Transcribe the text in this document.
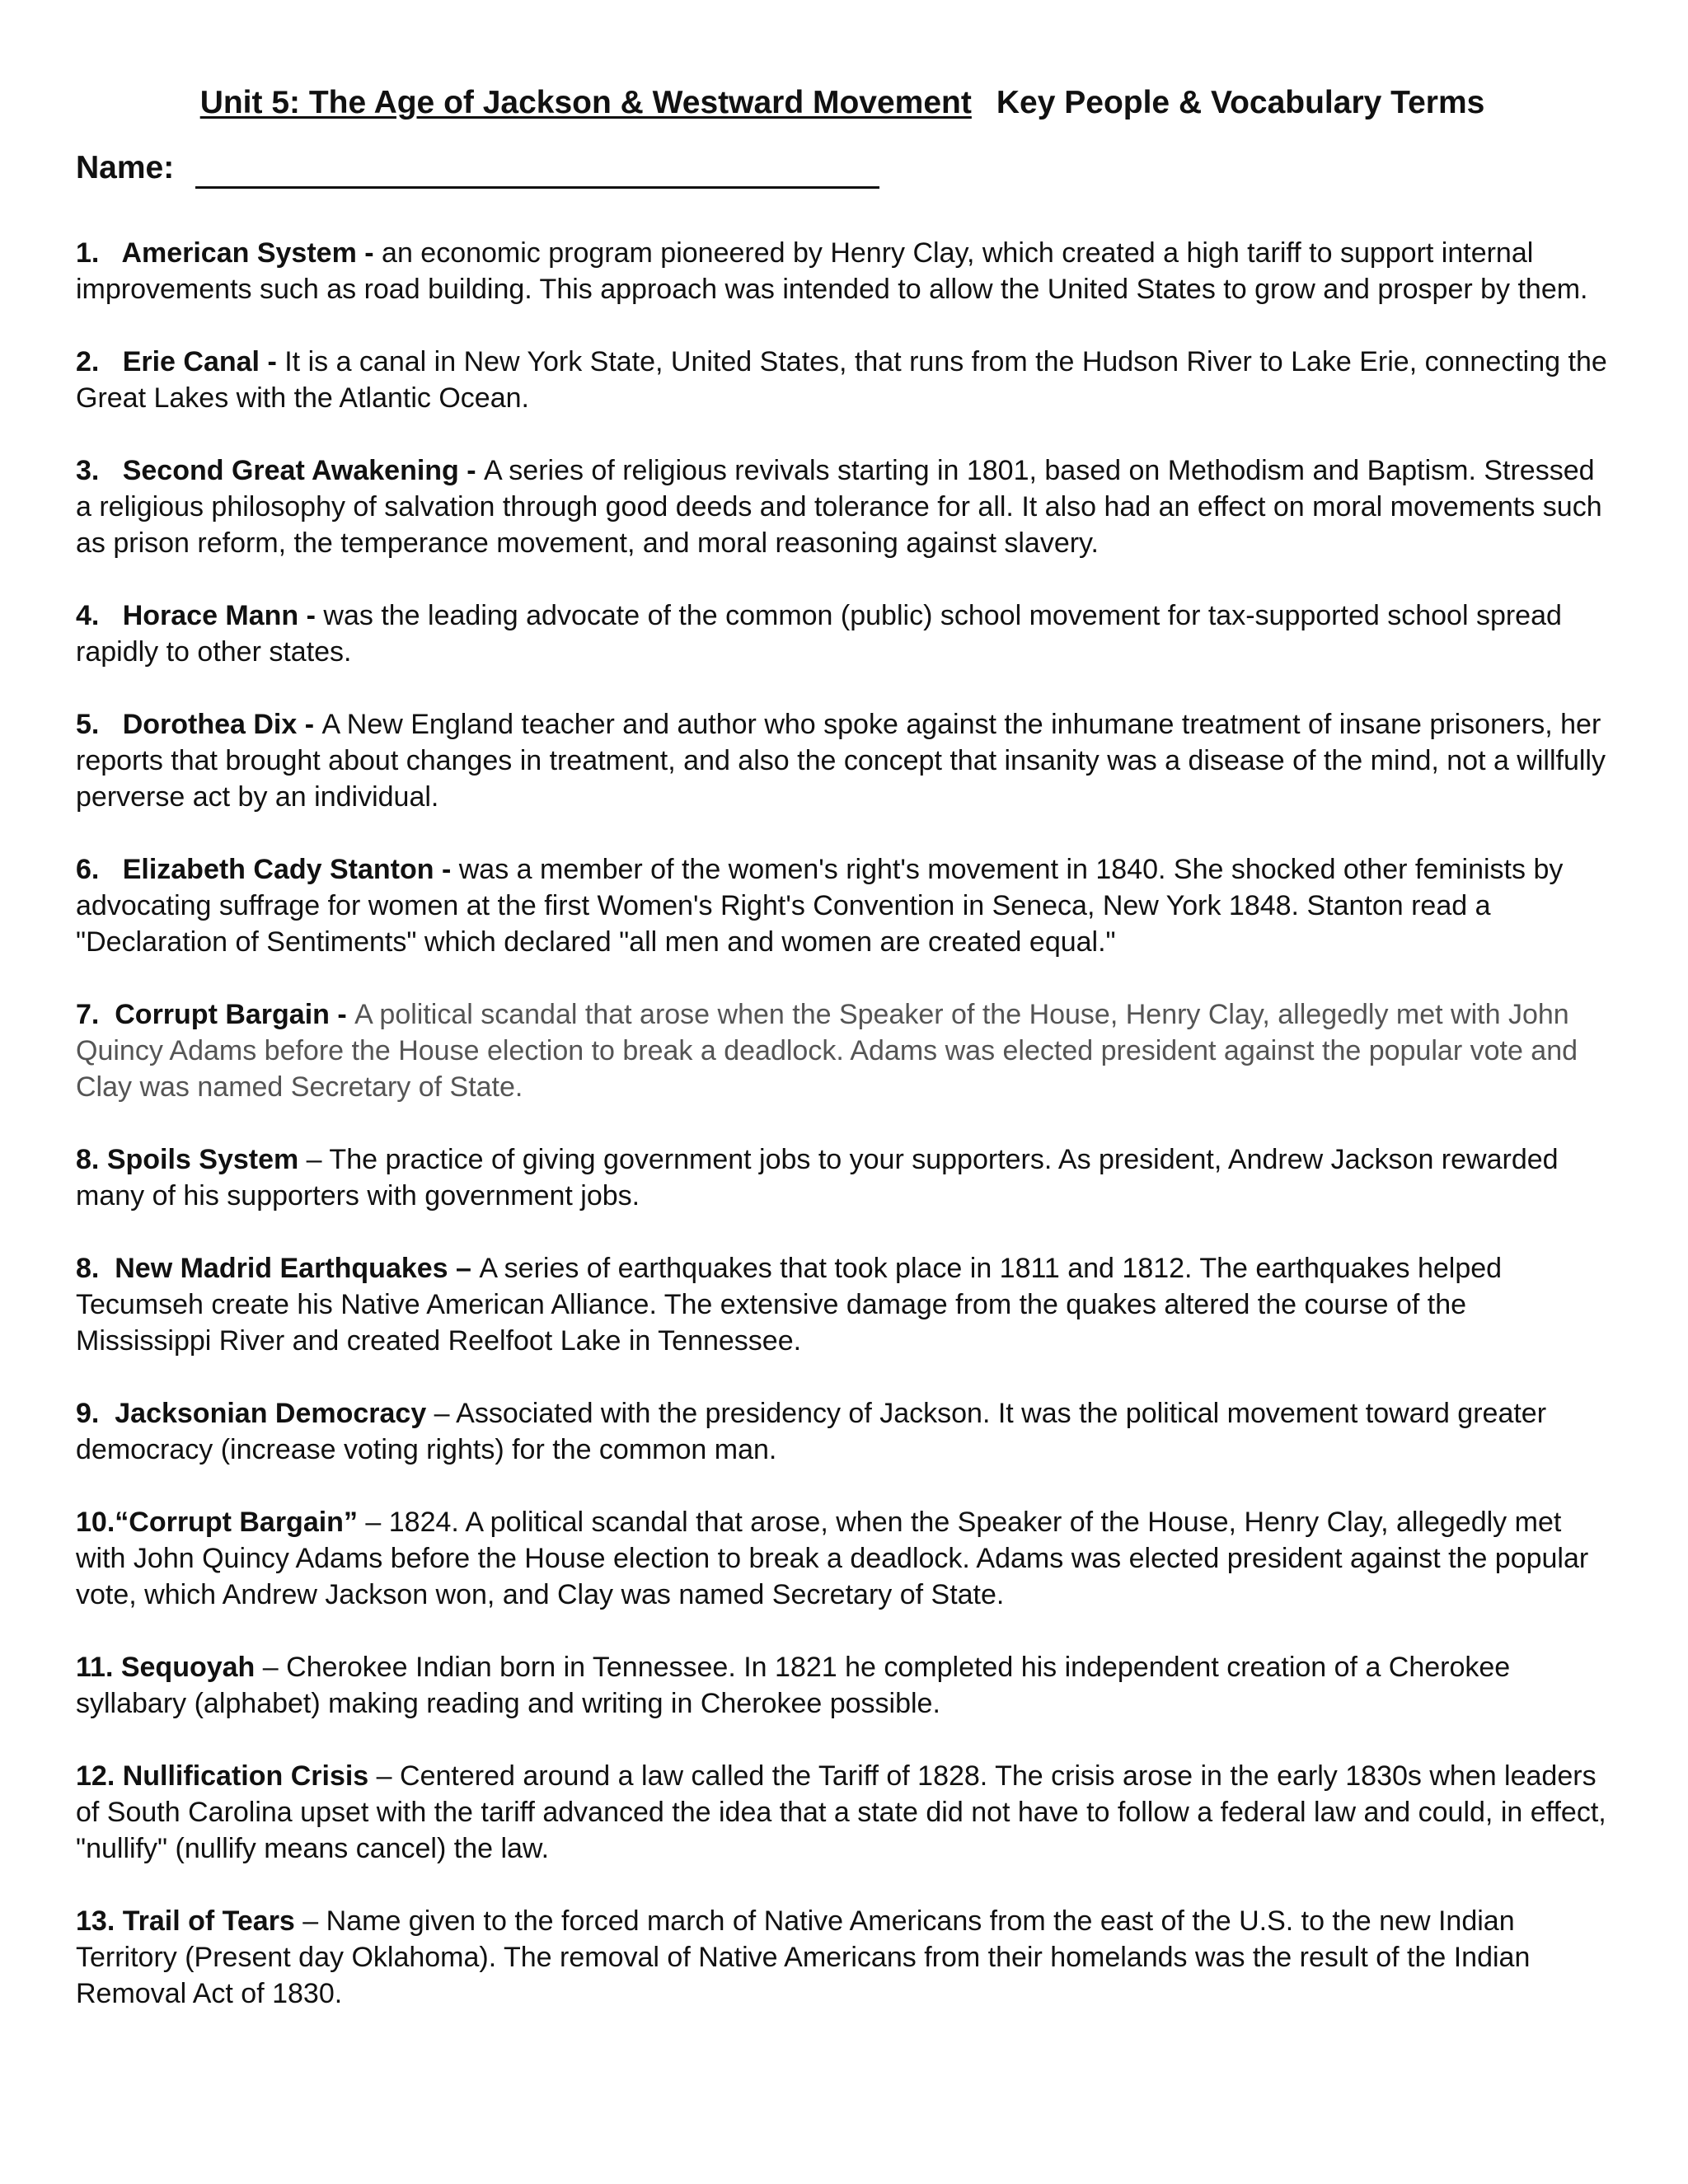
Unit 5: The Age of Jackson & Westward Movement Key People & Vocabulary Terms
Name:
1.   American System - an economic program pioneered by Henry Clay, which created a high tariff to support internal improvements such as road building. This approach was intended to allow the United States to grow and prosper by them.
2.   Erie Canal - It is a canal in New York State, United States, that runs from the Hudson River to Lake Erie, connecting the Great Lakes with the Atlantic Ocean.
3.   Second Great Awakening - A series of religious revivals starting in 1801, based on Methodism and Baptism. Stressed a religious philosophy of salvation through good deeds and tolerance for all. It also had an effect on moral movements such as prison reform, the temperance movement, and moral reasoning against slavery.
4.   Horace Mann - was the leading advocate of the common (public) school movement for tax-supported school spread rapidly to other states.
5.   Dorothea Dix - A New England teacher and author who spoke against the inhumane treatment of insane prisoners, her reports that brought about changes in treatment, and also the concept that insanity was a disease of the mind, not a willfully perverse act by an individual.
6.   Elizabeth Cady Stanton - was a member of the women's right's movement in 1840. She shocked other feminists by advocating suffrage for women at the first Women's Right's Convention in Seneca, New York 1848. Stanton read a "Declaration of Sentiments" which declared "all men and women are created equal."
7.  Corrupt Bargain - A political scandal that arose when the Speaker of the House, Henry Clay, allegedly met with John Quincy Adams before the House election to break a deadlock. Adams was elected president against the popular vote and Clay was named Secretary of State.
8. Spoils System – The practice of giving government jobs to your supporters. As president, Andrew Jackson rewarded many of his supporters with government jobs.
8.  New Madrid Earthquakes – A series of earthquakes that took place in 1811 and 1812. The earthquakes helped Tecumseh create his Native American Alliance. The extensive damage from the quakes altered the course of the Mississippi River and created Reelfoot Lake in Tennessee.
9.  Jacksonian Democracy – Associated with the presidency of Jackson. It was the political movement toward greater democracy (increase voting rights) for the common man.
10.“Corrupt Bargain” – 1824. A political scandal that arose, when the Speaker of the House, Henry Clay, allegedly met with John Quincy Adams before the House election to break a deadlock. Adams was elected president against the popular vote, which Andrew Jackson won, and Clay was named Secretary of State.
11. Sequoyah – Cherokee Indian born in Tennessee. In 1821 he completed his independent creation of a Cherokee syllabary (alphabet) making reading and writing in Cherokee possible.
12. Nullification Crisis – Centered around a law called the Tariff of 1828. The crisis arose in the early 1830s when leaders of South Carolina upset with the tariff advanced the idea that a state did not have to follow a federal law and could, in effect, "nullify" (nullify means cancel) the law.
13. Trail of Tears – Name given to the forced march of Native Americans from the east of the U.S. to the new Indian Territory (Present day Oklahoma). The removal of Native Americans from their homelands was the result of the Indian Removal Act of 1830.
